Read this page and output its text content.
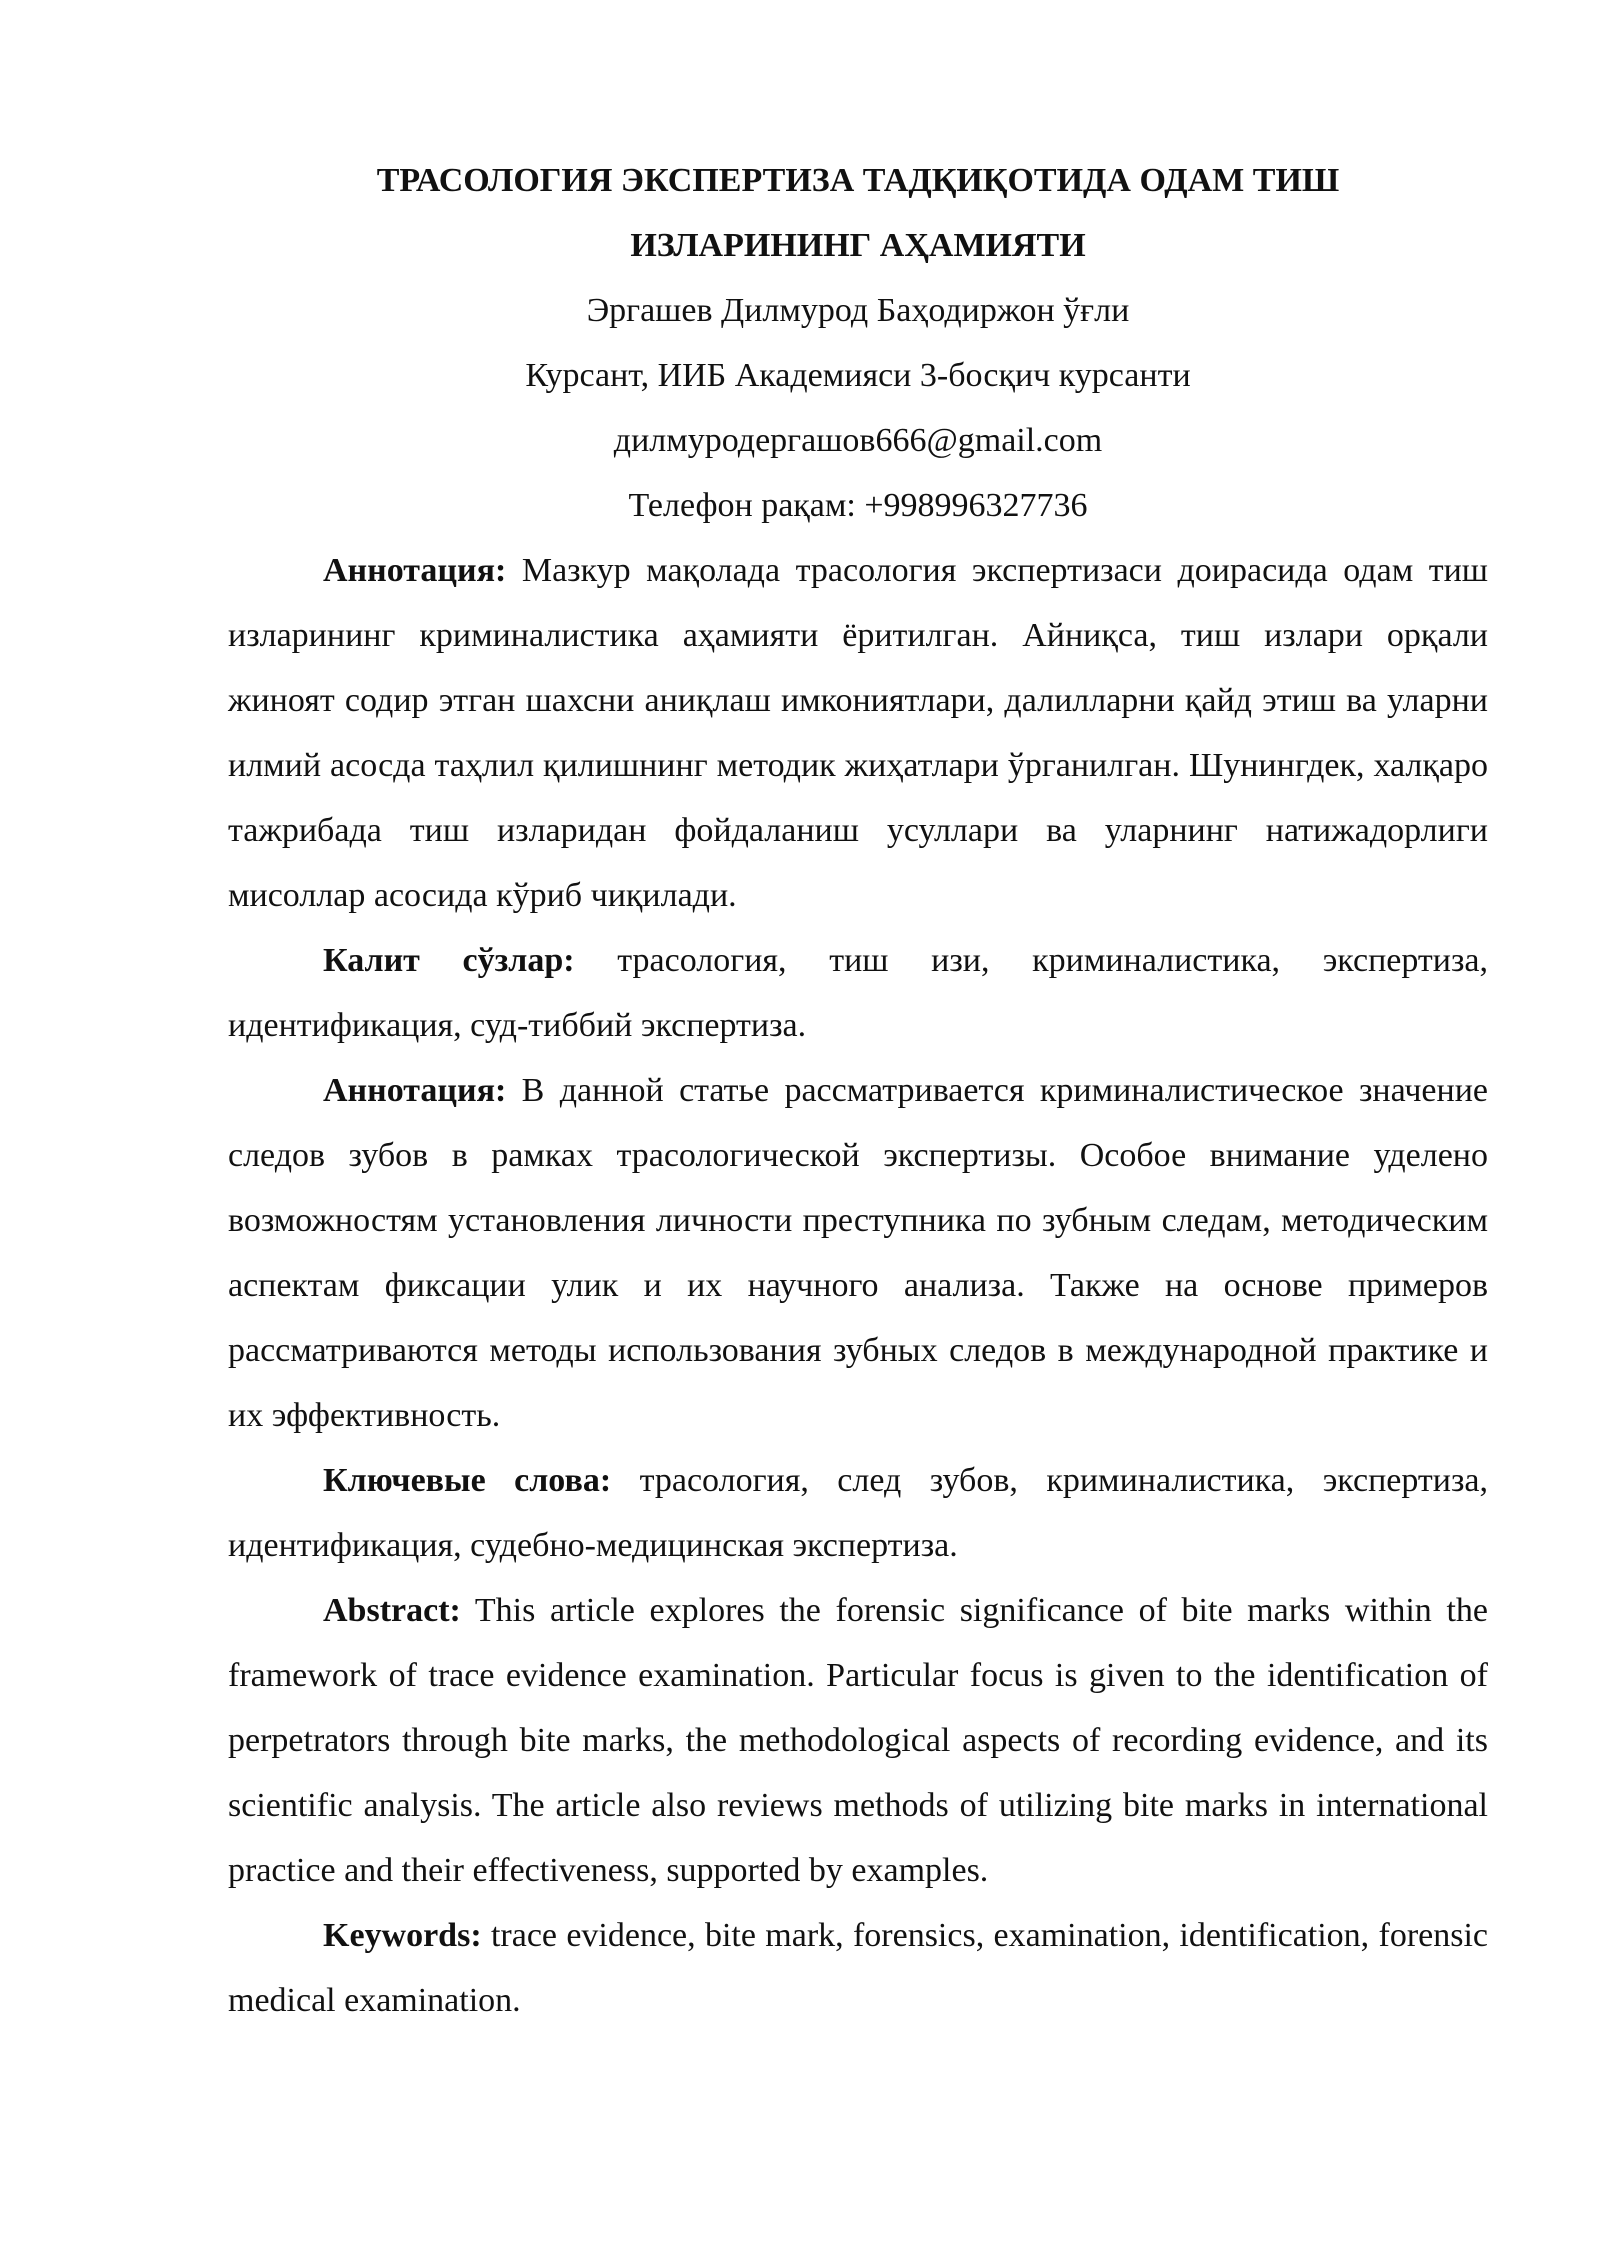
ТРАСОЛОГИЯ ЭКСПЕРТИЗА ТАДҚИҚОТИДА ОДАМ ТИШ
ИЗЛАРИНИНГ АҲАМИЯТИ
Эргашев Дилмурод Баҳодиржон ўғли
Курсант, ИИБ Академияси 3-босқич курсанти
дилмуродергашов666@gmail.com
Телефон рақам: +998996327736

Аннотация: Мазкур мақолада трасология экспертизаси доирасида одам тиш изларининг криминалистика аҳамияти ёритилган. Айниқса, тиш излари орқали жиноят содир этган шахсни аниқлаш имкониятлари, далилларни қайд этиш ва уларни илмий асосда таҳлил қилишнинг методик жиҳатлари ўрганилган. Шунингдек, халқаро тажрибада тиш изларидан фойдаланиш усуллари ва уларнинг натижадорлиги мисоллар асосида кўриб чиқилади.

Калит сўзлар: трасология, тиш изи, криминалистика, экспертиза, идентификация, суд-тиббий экспертиза.

Аннотация: В данной статье рассматривается криминалистическое значение следов зубов в рамках трасологической экспертизы. Особое внимание уделено возможностям установления личности преступника по зубным следам, методическим аспектам фиксации улик и их научного анализа. Также на основе примеров рассматриваются методы использования зубных следов в международной практике и их эффективность.

Ключевые слова: трасология, след зубов, криминалистика, экспертиза, идентификация, судебно-медицинская экспертиза.

Abstract: This article explores the forensic significance of bite marks within the framework of trace evidence examination. Particular focus is given to the identification of perpetrators through bite marks, the methodological aspects of recording evidence, and its scientific analysis. The article also reviews methods of utilizing bite marks in international practice and their effectiveness, supported by examples.

Keywords: trace evidence, bite mark, forensics, examination, identification, forensic medical examination.
